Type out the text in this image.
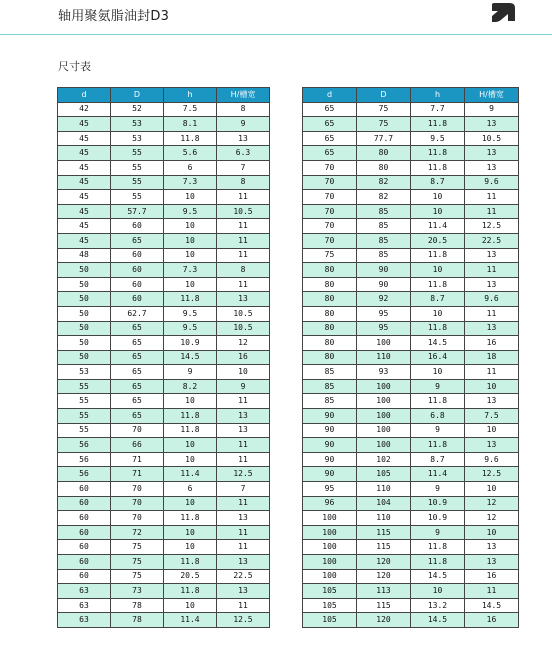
轴用聚氨脂油封D3
尺寸表
d	D	h	H/槽宽
42	52	7.5	8
45	53	8.1	9
45	53	11.8	13
45	55	5.6	6.3
45	55	6	7
45	55	7.3	8
45	55	10	11
45	57.7	9.5	10.5
45	60	10	11
45	65	10	11
48	60	10	11
50	60	7.3	8
50	60	10	11
50	60	11.8	13
50	62.7	9.5	10.5
50	65	9.5	10.5
50	65	10.9	12
50	65	14.5	16
53	65	9	10
55	65	8.2	9
55	65	10	11
55	65	11.8	13
55	70	11.8	13
56	66	10	11
56	71	10	11
56	71	11.4	12.5
60	70	6	7
60	70	10	11
60	70	11.8	13
60	72	10	11
60	75	10	11
60	75	11.8	13
60	75	20.5	22.5
63	73	11.8	13
63	78	10	11
63	78	11.4	12.5
d	D	h	H/槽宽
65	75	7.7	9
65	75	11.8	13
65	77.7	9.5	10.5
65	80	11.8	13
70	80	11.8	13
70	82	8.7	9.6
70	82	10	11
70	85	10	11
70	85	11.4	12.5
70	85	20.5	22.5
75	85	11.8	13
80	90	10	11
80	90	11.8	13
80	92	8.7	9.6
80	95	10	11
80	95	11.8	13
80	100	14.5	16
80	110	16.4	18
85	93	10	11
85	100	9	10
85	100	11.8	13
90	100	6.8	7.5
90	100	9	10
90	100	11.8	13
90	102	8.7	9.6
90	105	11.4	12.5
95	110	9	10
96	104	10.9	12
100	110	10.9	12
100	115	9	10
100	115	11.8	13
100	120	11.8	13
100	120	14.5	16
105	113	10	11
105	115	13.2	14.5
105	120	14.5	16
